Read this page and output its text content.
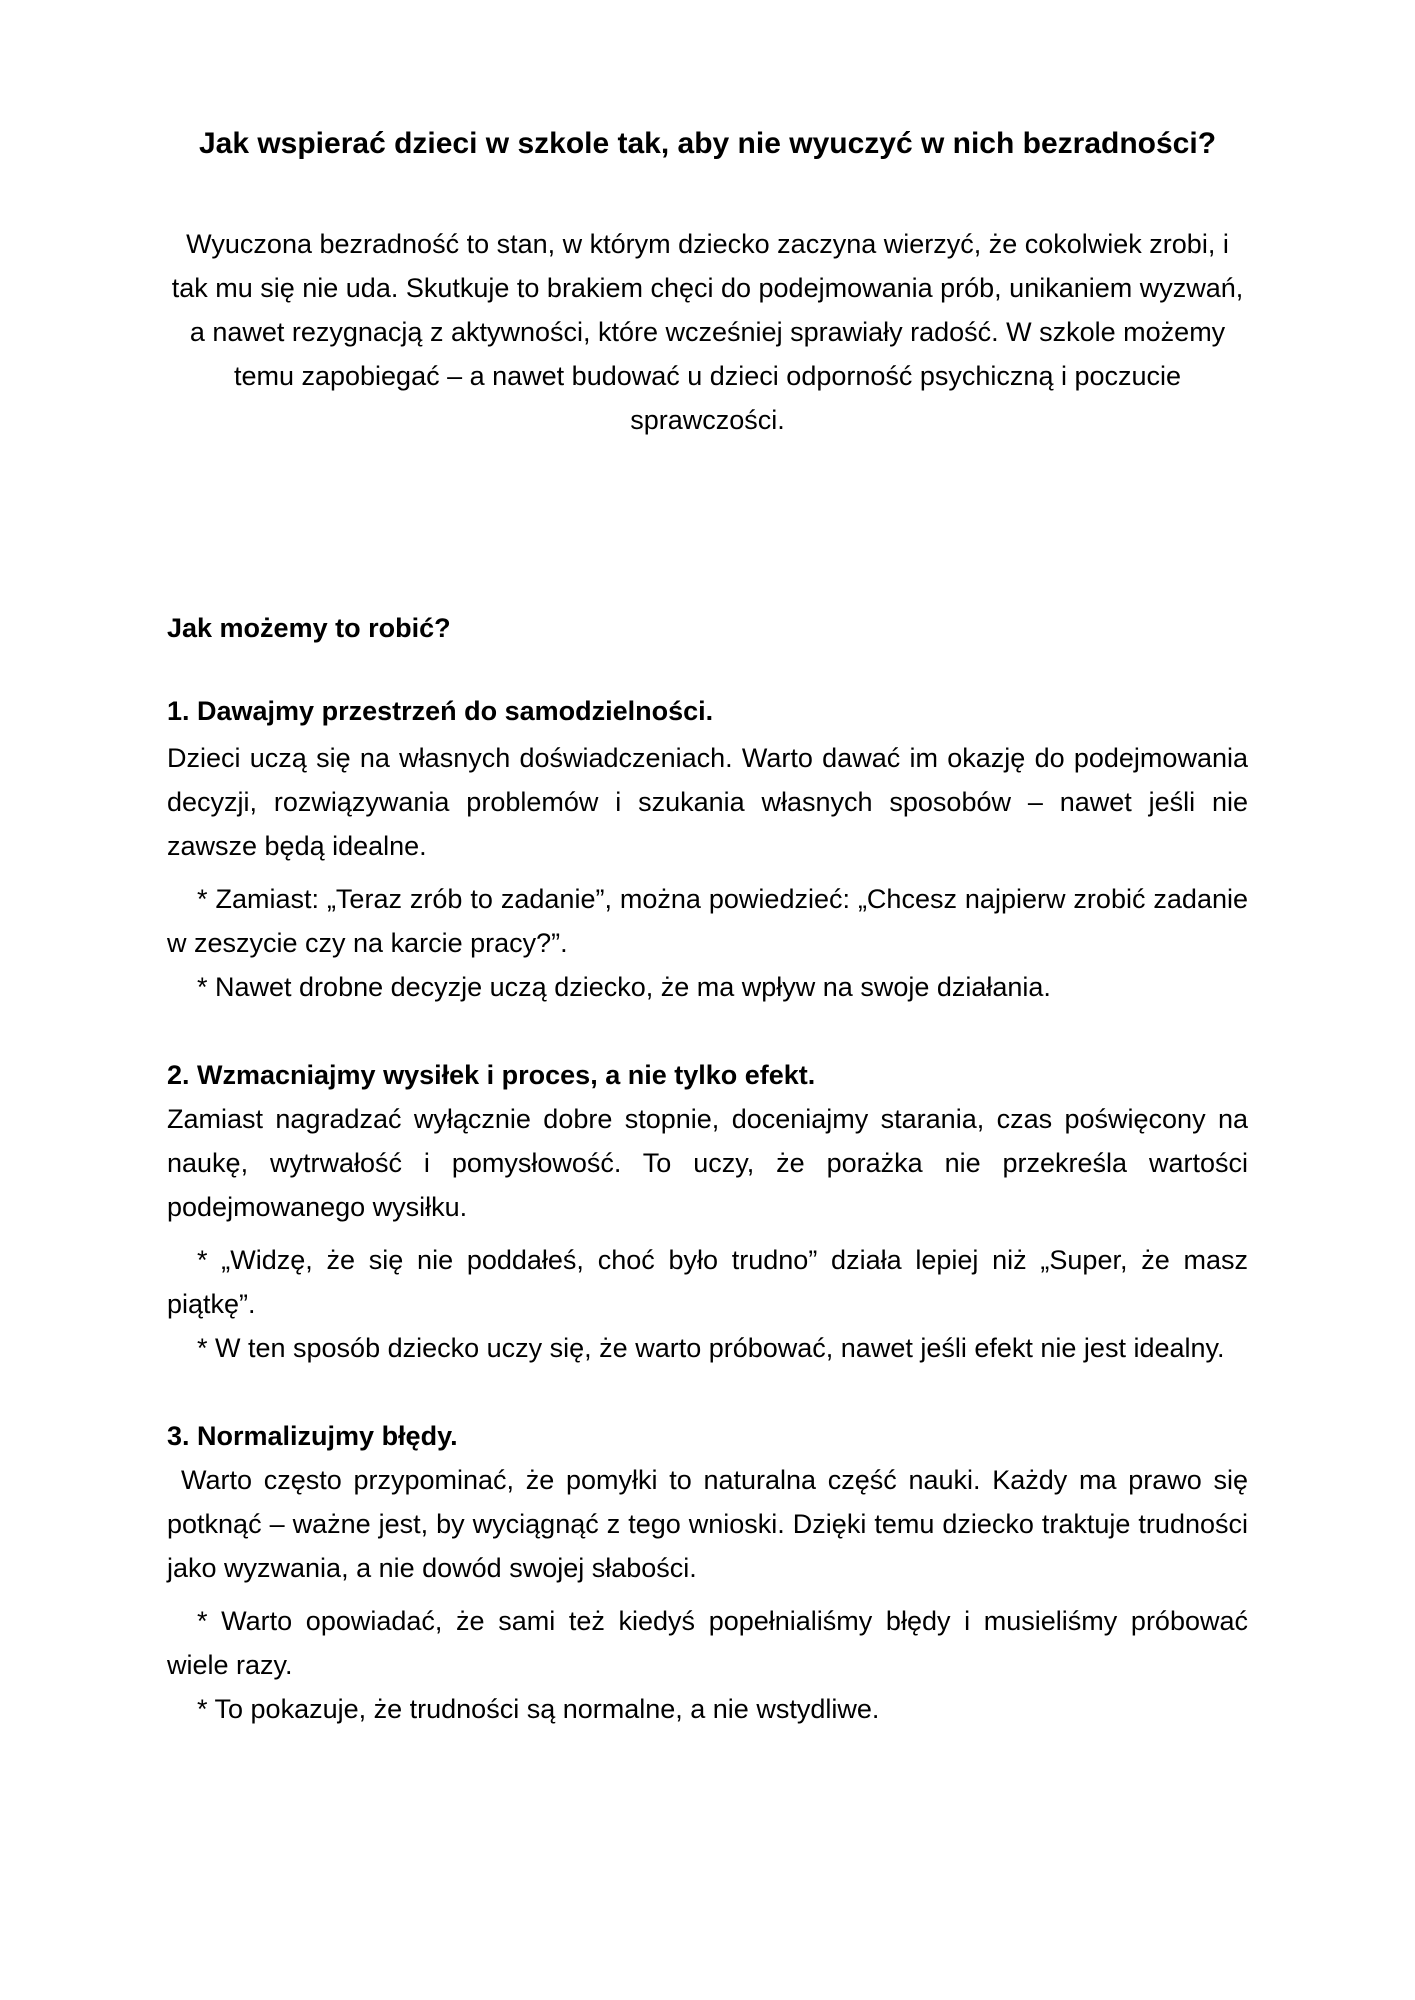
Jak wspierać dzieci w szkole tak, aby nie wyuczyć w nich bezradności?

Wyuczona bezradność to stan, w którym dziecko zaczyna wierzyć, że cokolwiek zrobi, i tak mu się nie uda. Skutkuje to brakiem chęci do podejmowania prób, unikaniem wyzwań, a nawet rezygnacją z aktywności, które wcześniej sprawiały radość. W szkole możemy temu zapobiegać – a nawet budować u dzieci odporność psychiczną i poczucie sprawczości.

Jak możemy to robić?

1. Dawajmy przestrzeń do samodzielności.

Dzieci uczą się na własnych doświadczeniach. Warto dawać im okazję do podejmowania decyzji, rozwiązywania problemów i szukania własnych sposobów – nawet jeśli nie zawsze będą idealne.

* Zamiast: „Teraz zrób to zadanie”, można powiedzieć: „Chcesz najpierw zrobić zadanie w zeszycie czy na karcie pracy?”.

* Nawet drobne decyzje uczą dziecko, że ma wpływ na swoje działania.

2. Wzmacniajmy wysiłek i proces, a nie tylko efekt.

Zamiast nagradzać wyłącznie dobre stopnie, doceniajmy starania, czas poświęcony na naukę, wytrwałość i pomysłowość. To uczy, że porażka nie przekreśla wartości podejmowanego wysiłku.

* „Widzę, że się nie poddałeś, choć było trudno” działa lepiej niż „Super, że masz piątkę”.

* W ten sposób dziecko uczy się, że warto próbować, nawet jeśli efekt nie jest idealny.

3. Normalizujmy błędy.

Warto często przypominać, że pomyłki to naturalna część nauki. Każdy ma prawo się potknąć – ważne jest, by wyciągnąć z tego wnioski. Dzięki temu dziecko traktuje trudności jako wyzwania, a nie dowód swojej słabości.

* Warto opowiadać, że sami też kiedyś popełnialiśmy błędy i musieliśmy próbować wiele razy.

* To pokazuje, że trudności są normalne, a nie wstydliwe.
